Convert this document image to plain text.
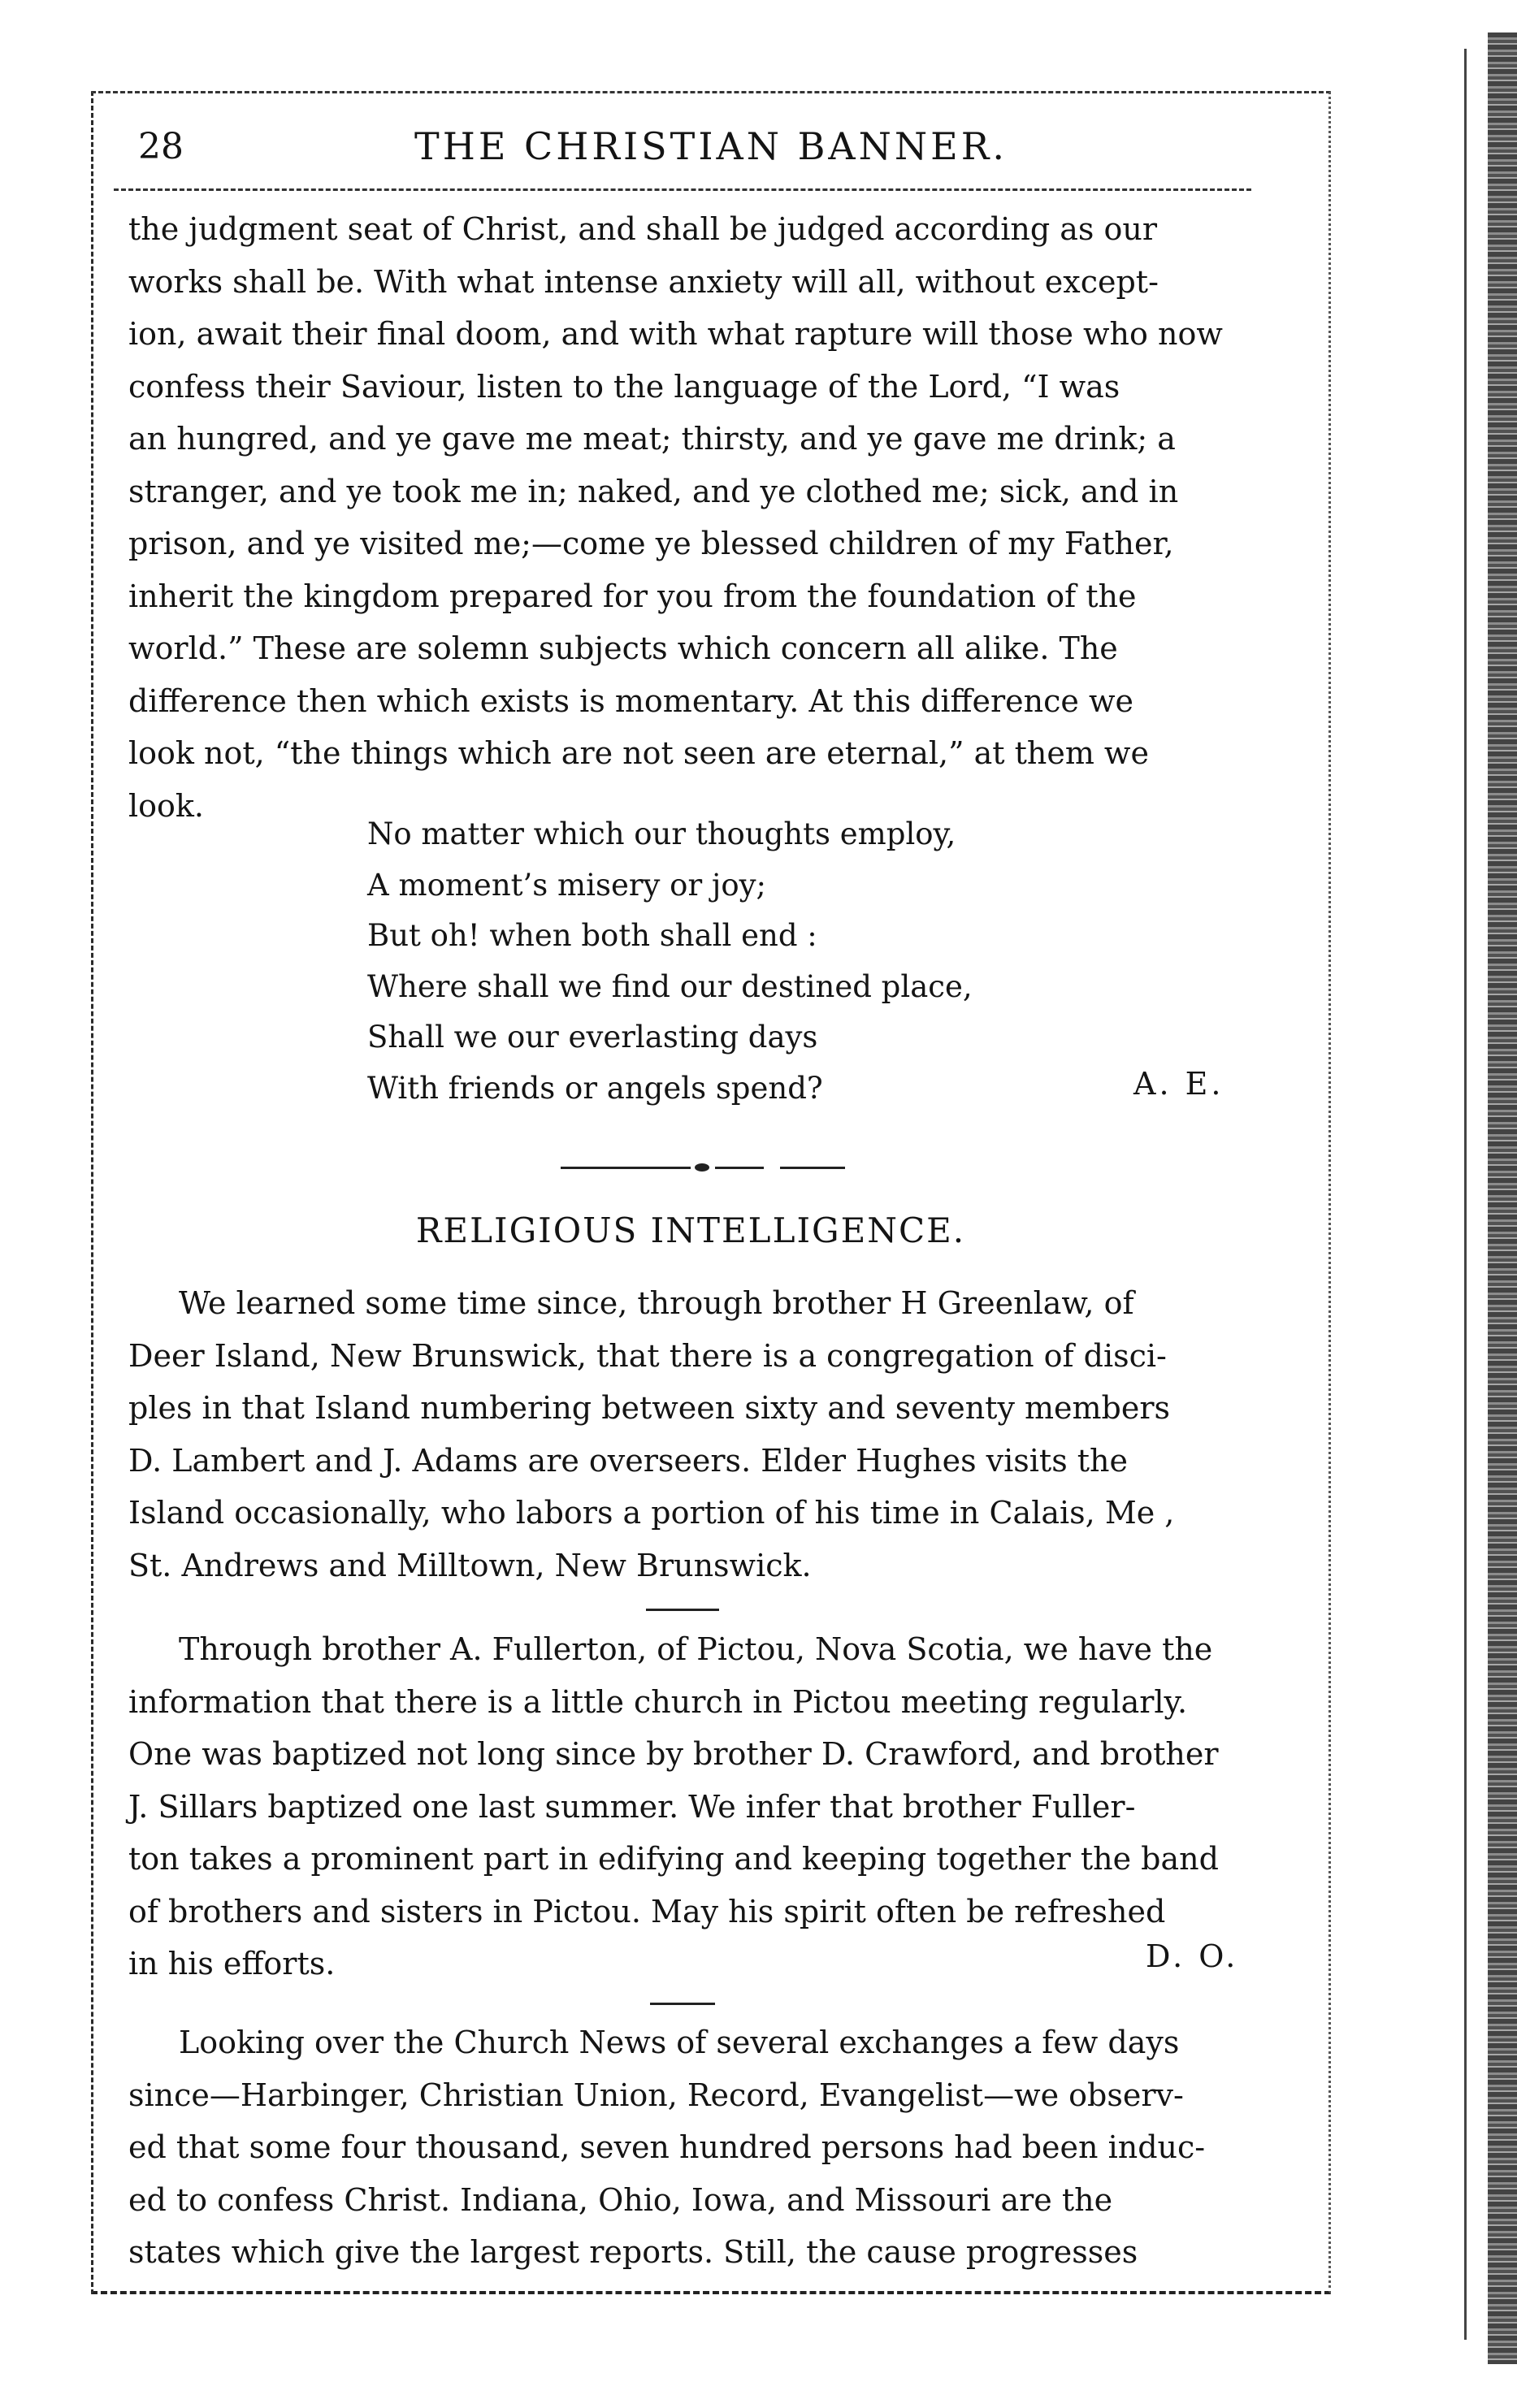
28	THE CHRISTIAN BANNER.

the judgment seat of Christ, and shall be judged according as our

works shall be. With what intense anxiety will all, without except-

ion, await their final doom, and with what rapture will those who now

confess their Saviour, listen to the language of the Lord, “I was

an hungred, and ye gave me meat; thirsty, and ye gave me drink; a

stranger, and ye took me in; naked, and ye clothed me; sick, and in

prison, and ye visited me;—come ye blessed children of my Father,

inherit the kingdom prepared for you from the foundation of the

world.” These are solemn subjects which concern all alike. The

difference then which exists is momentary. At this difference we

look not, “the things which are not seen are eternal,” at them we

look.

No matter which our thoughts employ,
A moment’s misery or joy;
But oh! when both shall end :
Where shall we find our destined place,
Shall we our everlasting days
With friends or angels spend?	A. E.
RELIGIOUS INTELLIGENCE.

We learned some time since, through brother H Greenlaw, of

Deer Island, New Brunswick, that there is a congregation of disci-

ples in that Island numbering between sixty and seventy members

D. Lambert and J. Adams are overseers. Elder Hughes visits the

Island occasionally, who labors a portion of his time in Calais, Me ,

St. Andrews and Milltown, New Brunswick.

Through brother A. Fullerton, of Pictou, Nova Scotia, we have the

information that there is a little church in Pictou meeting regularly.

One was baptized not long since by brother D. Crawford, and brother

J. Sillars baptized one last summer. We infer that brother Fuller-

ton takes a prominent part in edifying and keeping together the band

of brothers and sisters in Pictou. May his spirit often be refreshed

in his efforts.	D. O.

Looking over the Church News of several exchanges a few days

since—Harbinger, Christian Union, Record, Evangelist—we observ-

ed that some four thousand, seven hundred persons had been induc-

ed to confess Christ. Indiana, Ohio, Iowa, and Missouri are the

states which give the largest reports. Still, the cause progresses
